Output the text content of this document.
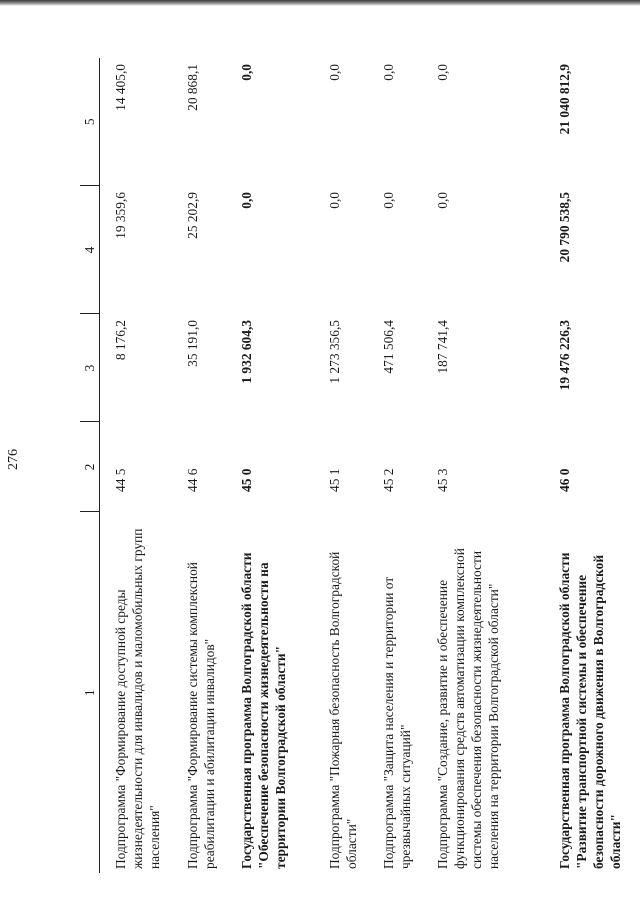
276
1	2	3	4	5
Подпрограмма "Формирование доступной среды жизнедеятельности для инвалидов и маломобильных групп населения"	44 5	8 176,2	19 359,6	14 405,0
Подпрограмма "Формирование системы комплексной реабилитации и абилитации инвалидов"	44 6	35 191,0	25 202,9	20 868,1
Государственная программа Волгоградской области "Обеспечение безопасности жизнедеятельности на территории Волгоградской области"	45 0	1 932 604,3	0,0	0,0
Подпрограмма "Пожарная безопасность Волгоградской области"	45 1	1 273 356,5	0,0	0,0
Подпрограмма "Защита населения и территории от чрезвычайных ситуаций"	45 2	471 506,4	0,0	0,0
Подпрограмма "Создание, развитие и обеспечение функционирования средств автоматизации комплексной системы обеспечения безопасности жизнедеятельности населения на территории Волгоградской области"	45 3	187 741,4	0,0	0,0
Государственная программа Волгоградской области "Развитие транспортной системы и обеспечение безопасности дорожного движения в Волгоградской области"	46 0	19 476 226,3	20 790 538,5	21 040 812,9
